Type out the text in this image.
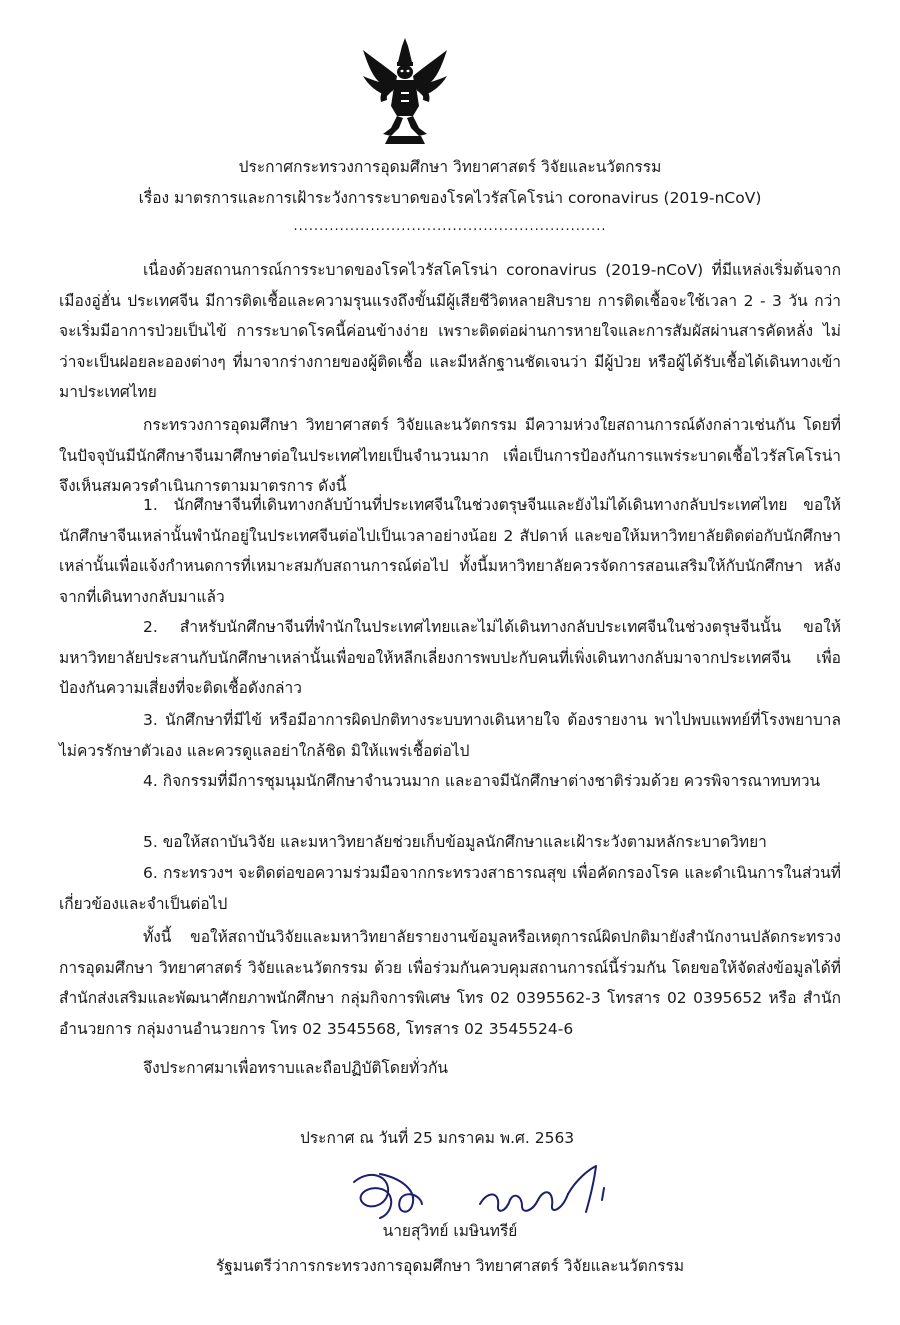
ประกาศกระทรวงการอุดมศึกษา วิทยาศาสตร์ วิจัยและนวัตกรรม
เรื่อง มาตรการและการเฝ้าระวังการระบาดของโรคไวรัสโคโรน่า coronavirus (2019-nCoV)
.............................................................

เนื่องด้วยสถานการณ์การระบาดของโรคไวรัสโคโรน่า coronavirus (2019-nCoV) ที่มีแหล่งเริ่มต้นจากเมืองอู่ฮั่น ประเทศจีน มีการติดเชื้อและความรุนแรงถึงขั้นมีผู้เสียชีวิตหลายสิบราย การติดเชื้อจะใช้เวลา 2 - 3 วัน กว่าจะเริ่มมีอาการป่วยเป็นไข้ การระบาดโรคนี้ค่อนข้างง่าย เพราะติดต่อผ่านการหายใจและการสัมผัสผ่านสารคัดหลั่ง ไม่ว่าจะเป็นฝอยละอองต่างๆ ที่มาจากร่างกายของผู้ติดเชื้อ และมีหลักฐานชัดเจนว่า มีผู้ป่วย หรือผู้ได้รับเชื้อได้เดินทางเข้ามาประเทศไทย

กระทรวงการอุดมศึกษา วิทยาศาสตร์ วิจัยและนวัตกรรม มีความห่วงใยสถานการณ์ดังกล่าวเช่นกัน โดยที่ในปัจจุบันมีนักศึกษาจีนมาศึกษาต่อในประเทศไทยเป็นจำนวนมาก เพื่อเป็นการป้องกันการแพร่ระบาดเชื้อไวรัสโคโรน่า จึงเห็นสมควรดำเนินการตามมาตรการ ดังนี้

1. นักศึกษาจีนที่เดินทางกลับบ้านที่ประเทศจีนในช่วงตรุษจีนและยังไม่ได้เดินทางกลับประเทศไทย ขอให้นักศึกษาจีนเหล่านั้นพำนักอยู่ในประเทศจีนต่อไปเป็นเวลาอย่างน้อย 2 สัปดาห์ และขอให้มหาวิทยาลัยติดต่อกับนักศึกษาเหล่านั้นเพื่อแจ้งกำหนดการที่เหมาะสมกับสถานการณ์ต่อไป ทั้งนี้มหาวิทยาลัยควรจัดการสอนเสริมให้กับนักศึกษา หลังจากที่เดินทางกลับมาแล้ว

2. สำหรับนักศึกษาจีนที่พำนักในประเทศไทยและไม่ได้เดินทางกลับประเทศจีนในช่วงตรุษจีนนั้น ขอให้มหาวิทยาลัยประสานกับนักศึกษาเหล่านั้นเพื่อขอให้หลีกเลี่ยงการพบปะกับคนที่เพิ่งเดินทางกลับมาจากประเทศจีน เพื่อป้องกันความเสี่ยงที่จะติดเชื้อดังกล่าว

3. นักศึกษาที่มีไข้ หรือมีอาการผิดปกติทางระบบทางเดินหายใจ ต้องรายงาน พาไปพบแพทย์ที่โรงพยาบาล ไม่ควรรักษาตัวเอง และควรดูแลอย่าใกล้ชิด มิให้แพร่เชื้อต่อไป

4. กิจกรรมที่มีการชุมนุมนักศึกษาจำนวนมาก และอาจมีนักศึกษาต่างชาติร่วมด้วย ควรพิจารณาทบทวน

5. ขอให้สถาบันวิจัย และมหาวิทยาลัยช่วยเก็บข้อมูลนักศึกษาและเฝ้าระวังตามหลักระบาดวิทยา

6. กระทรวงฯ จะติดต่อขอความร่วมมือจากกระทรวงสาธารณสุข เพื่อคัดกรองโรค และดำเนินการในส่วนที่เกี่ยวข้องและจำเป็นต่อไป

ทั้งนี้ ขอให้สถาบันวิจัยและมหาวิทยาลัยรายงานข้อมูลหรือเหตุการณ์ผิดปกติมายังสำนักงานปลัดกระทรวงการอุดมศึกษา วิทยาศาสตร์ วิจัยและนวัตกรรม ด้วย เพื่อร่วมกันควบคุมสถานการณ์นี้ร่วมกัน โดยขอให้จัดส่งข้อมูลได้ที่ สำนักส่งเสริมและพัฒนาศักยภาพนักศึกษา กลุ่มกิจการพิเศษ โทร 02 0395562-3 โทรสาร 02 0395652 หรือ สำนักอำนวยการ กลุ่มงานอำนวยการ โทร 02 3545568, โทรสาร 02 3545524-6

จึงประกาศมาเพื่อทราบและถือปฏิบัติโดยทั่วกัน

ประกาศ ณ วันที่ 25 มกราคม พ.ศ. 2563
นายสุวิทย์ เมษินทรีย์
รัฐมนตรีว่าการกระทรวงการอุดมศึกษา วิทยาศาสตร์ วิจัยและนวัตกรรม
